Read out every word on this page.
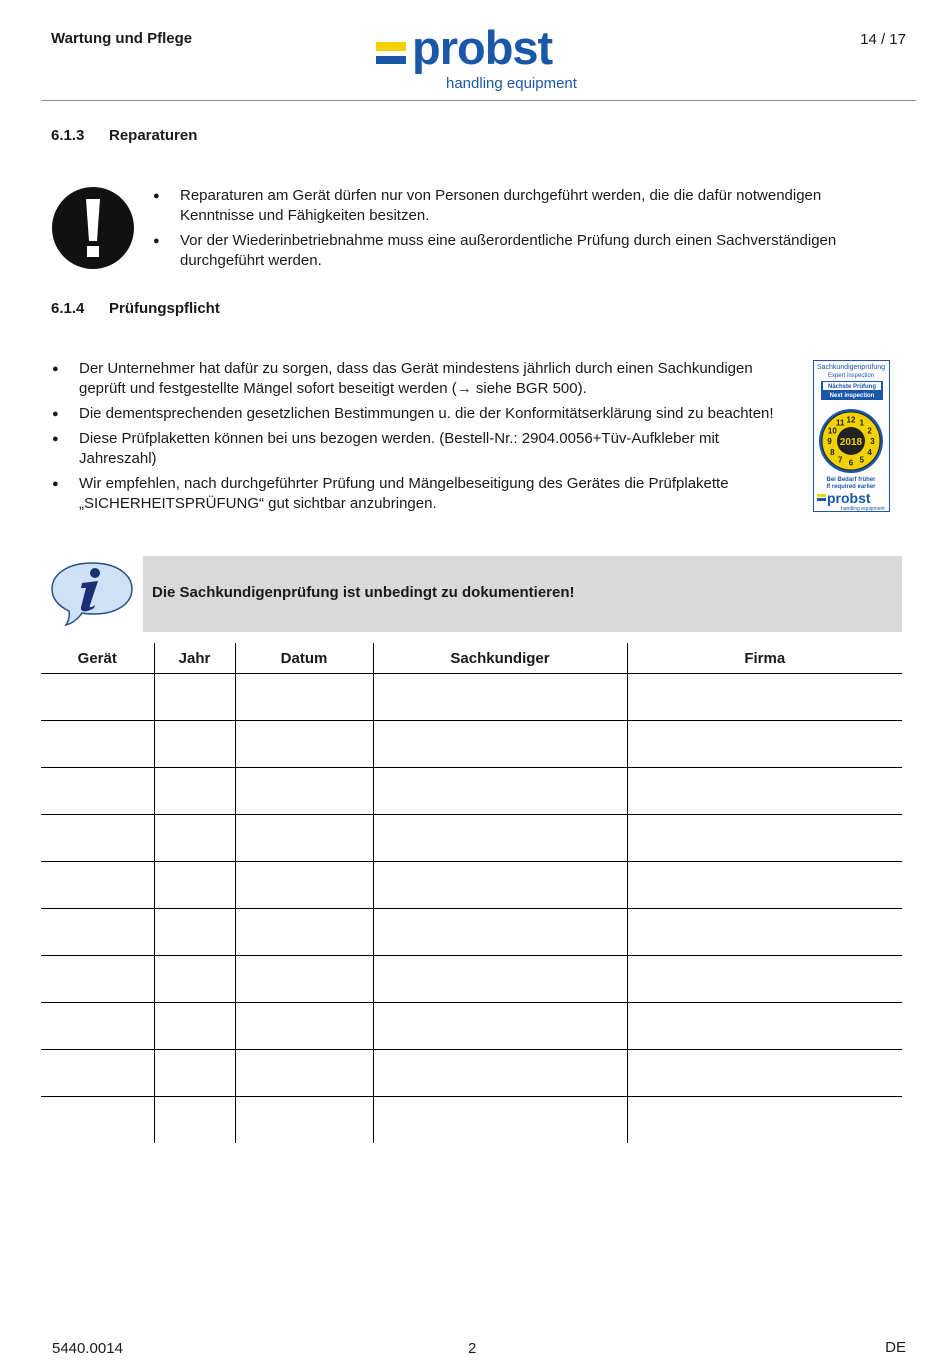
Wartung und Pflege	probst
handling equipment
14 / 17
6.1.3 Reparaturen
● Reparaturen am Gerät dürfen nur von Personen durchgeführt werden, die die dafür notwendigen Kenntnisse und Fähigkeiten besitzen.
● Vor der Wiederinbetriebnahme muss eine außerordentliche Prüfung durch einen Sachverständigen durchgeführt werden.
6.1.4 Prüfungspflicht
● Der Unternehmer hat dafür zu sorgen, dass das Gerät mindestens jährlich durch einen Sachkundigen geprüft und festgestellte Mängel sofort beseitigt werden (→ siehe BGR 500).
● Die dementsprechenden gesetzlichen Bestimmungen u. die der Konformitätserklärung sind zu beachten!
● Diese Prüfplaketten können bei uns bezogen werden. (Bestell-Nr.: 2904.0056+Tüv-Aufkleber mit Jahreszahl)
● Wir empfehlen, nach durchgeführter Prüfung und Mängelbeseitigung des Gerätes die Prüfplakette „SICHERHEITSPRÜFUNG“ gut sichtbar anzubringen.
Sachkundigenprüfung
Expert inspection
Nächste Prüfung
Next inspection
1
2
3
4
5
6
7
8
9
10
11 12
2018
Bei Bedarf früher
If required earlier
probst
handling equipment
Die Sachkundigenprüfung ist unbedingt zu dokumentieren!
Gerät	Jahr	Datum	Sachkundiger	Firma

5440.0014	2	DE
